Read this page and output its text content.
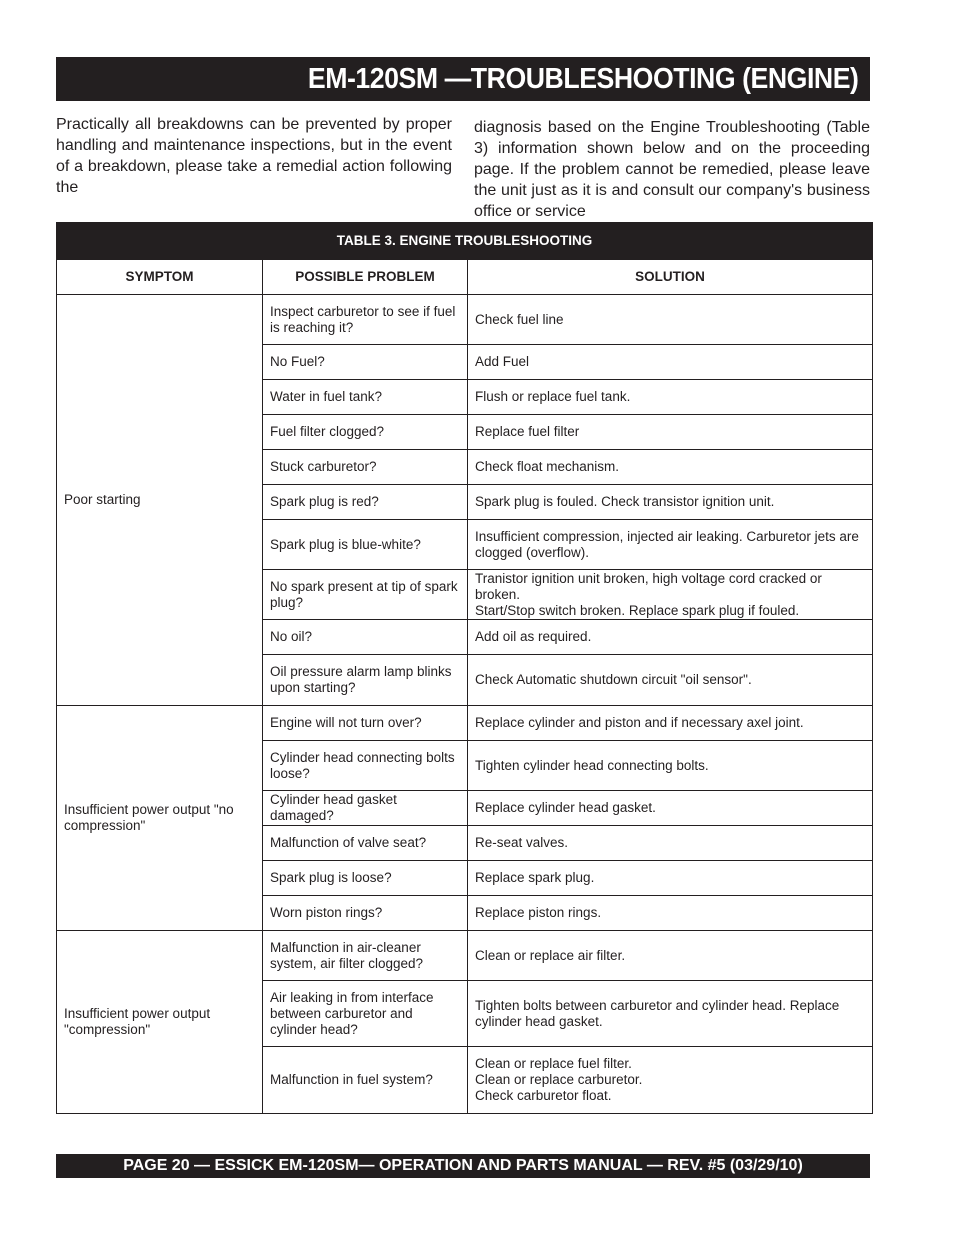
EM-120SM —TROUBLESHOOTING (ENGINE)
Practically all breakdowns can be prevented by proper handling and maintenance inspections, but in the event of a breakdown, please take a remedial action following the
diagnosis based on the Engine Troubleshooting (Table 3) information shown below and on the proceeding page. If the problem cannot be remedied, please leave the unit just as it is and consult our company's business office or service
TABLE 3. ENGINE TROUBLESHOOTING		
SYMPTOM	POSSIBLE PROBLEM	SOLUTION
Poor starting	Inspect carburetor to see if fuel is reaching it?	Check fuel line
	No Fuel?	Add Fuel
	Water in fuel tank?	Flush or replace fuel tank.
	Fuel filter clogged?	Replace fuel filter
	Stuck carburetor?	Check float mechanism.
	Spark plug is red?	Spark plug is fouled. Check transistor ignition unit.
	Spark plug is blue-white?	Insufficient compression, injected air leaking. Carburetor jets are clogged (overflow).
	No spark present at tip of spark plug?	Tranistor ignition unit broken, high voltage cord cracked or broken.
Start/Stop switch broken. Replace spark plug if fouled.
	No oil?	Add oil as required.
	Oil pressure alarm lamp blinks upon starting?	Check Automatic shutdown circuit "oil sensor".
Insufficient power output "no compression"	Engine will not turn over?	Replace cylinder and piston and if necessary axel joint.
	Cylinder head connecting bolts loose?	Tighten cylinder head connecting bolts.
	Cylinder head gasket damaged?	Replace cylinder head gasket.
	Malfunction of valve seat?	Re-seat valves.
	Spark plug is loose?	Replace spark plug.
	Worn piston rings?	Replace piston rings.
Insufficient power output "compression"	Malfunction in air-cleaner system, air filter clogged?	Clean or replace air filter.
	Air leaking in from interface between carburetor and cylinder head?	Tighten bolts between carburetor and cylinder head. Replace cylinder head gasket.
	Malfunction in fuel system?	Clean or replace fuel filter.
Clean or replace carburetor.
Check carburetor float.
PAGE 20 — ESSICK EM-120SM— OPERATION AND PARTS MANUAL — REV. #5 (03/29/10)
